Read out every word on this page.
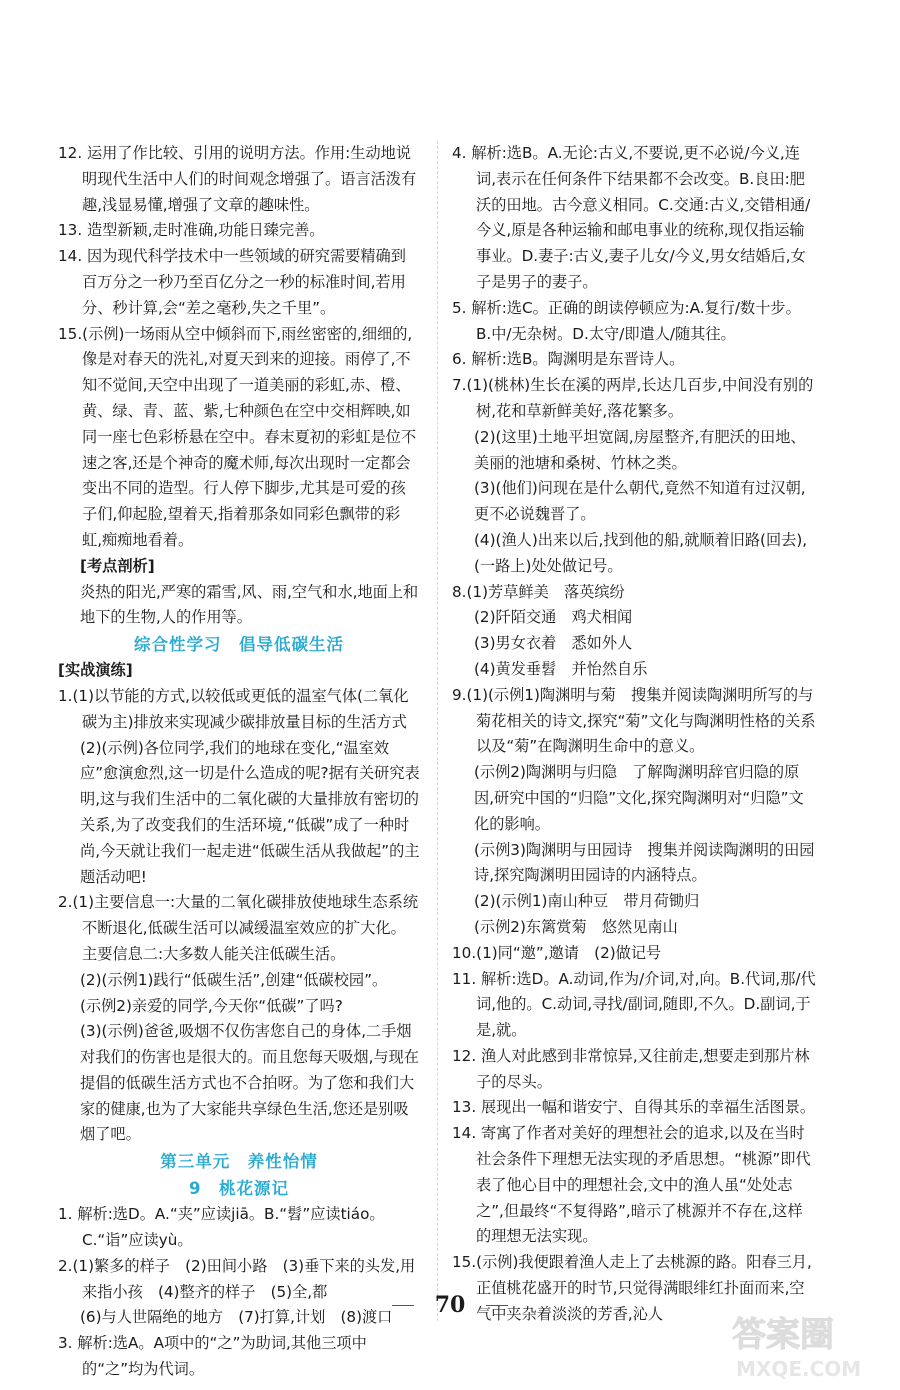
12. 运用了作比较、引用的说明方法。作用:生动地说明现代生活中人们的时间观念增强了。语言活泼有趣,浅显易懂,增强了文章的趣味性。

13. 造型新颖,走时准确,功能日臻完善。

14. 因为现代科学技术中一些领域的研究需要精确到百万分之一秒乃至百亿分之一秒的标准时间,若用分、秒计算,会“差之毫秒,失之千里”。

15.(示例)一场雨从空中倾斜而下,雨丝密密的,细细的,像是对春天的洗礼,对夏天到来的迎接。雨停了,不知不觉间,天空中出现了一道美丽的彩虹,赤、橙、黄、绿、青、蓝、紫,七种颜色在空中交相辉映,如同一座七色彩桥悬在空中。春末夏初的彩虹是位不速之客,还是个神奇的魔术师,每次出现时一定都会变出不同的造型。行人停下脚步,尤其是可爱的孩子们,仰起脸,望着天,指着那条如同彩色飘带的彩虹,痴痴地看着。

[考点剖析]

炎热的阳光,严寒的霜雪,风、雨,空气和水,地面上和地下的生物,人的作用等。

综合性学习　倡导低碳生活

[实战演练]

1.(1)以节能的方式,以较低或更低的温室气体(二氧化碳为主)排放来实现减少碳排放量目标的生活方式

(2)(示例)各位同学,我们的地球在变化,“温室效应”愈演愈烈,这一切是什么造成的呢?据有关研究表明,这与我们生活中的二氧化碳的大量排放有密切的关系,为了改变我们的生活环境,“低碳”成了一种时尚,今天就让我们一起走进“低碳生活从我做起”的主题活动吧!

2.(1)主要信息一:大量的二氧化碳排放使地球生态系统不断退化,低碳生活可以减缓温室效应的扩大化。　主要信息二:大多数人能关注低碳生活。

(2)(示例1)践行“低碳生活”,创建“低碳校园”。

(示例2)亲爱的同学,今天你“低碳”了吗?

(3)(示例)爸爸,吸烟不仅伤害您自己的身体,二手烟对我们的伤害也是很大的。而且您每天吸烟,与现在提倡的低碳生活方式也不合拍呀。为了您和我们大家的健康,也为了大家能共享绿色生活,您还是别吸烟了吧。

第三单元　养性怡情

9　桃花源记

1. 解析:选D。A.“夹”应读jiā。B.“髫”应读tiáo。C.“诣”应读yù。

2.(1)繁多的样子　(2)田间小路　(3)垂下来的头发,用来指小孩　(4)整齐的样子　(5)全,都

(6)与人世隔绝的地方　(7)打算,计划　(8)渡口

3. 解析:选A。A项中的“之”为助词,其他三项中的“之”均为代词。

4. 解析:选B。A.无论:古义,不要说,更不必说/今义,连词,表示在任何条件下结果都不会改变。B.良田:肥沃的田地。古今意义相同。C.交通:古义,交错相通/今义,原是各种运输和邮电事业的统称,现仅指运输事业。D.妻子:古义,妻子儿女/今义,男女结婚后,女子是男子的妻子。

5. 解析:选C。正确的朗读停顿应为:A.复行/数十步。B.中/无杂树。D.太守/即遣人/随其往。

6. 解析:选B。陶渊明是东晋诗人。

7.(1)(桃林)生长在溪的两岸,长达几百步,中间没有别的树,花和草新鲜美好,落花繁多。

(2)(这里)土地平坦宽阔,房屋整齐,有肥沃的田地、美丽的池塘和桑树、竹林之类。

(3)(他们)问现在是什么朝代,竟然不知道有过汉朝,更不必说魏晋了。

(4)(渔人)出来以后,找到他的船,就顺着旧路(回去),(一路上)处处做记号。

8.(1)芳草鲜美　落英缤纷

(2)阡陌交通　鸡犬相闻

(3)男女衣着　悉如外人

(4)黄发垂髫　并怡然自乐

9.(1)(示例1)陶渊明与菊　搜集并阅读陶渊明所写的与菊花相关的诗文,探究“菊”文化与陶渊明性格的关系以及“菊”在陶渊明生命中的意义。

(示例2)陶渊明与归隐　了解陶渊明辞官归隐的原因,研究中国的“归隐”文化,探究陶渊明对“归隐”文化的影响。

(示例3)陶渊明与田园诗　搜集并阅读陶渊明的田园诗,探究陶渊明田园诗的内涵特点。

(2)(示例1)南山种豆　带月荷锄归

(示例2)东篱赏菊　悠然见南山

10.(1)同“邀”,邀请　(2)做记号

11. 解析:选D。A.动词,作为/介词,对,向。B.代词,那/代词,他的。C.动词,寻找/副词,随即,不久。D.副词,于是,就。

12. 渔人对此感到非常惊异,又往前走,想要走到那片林子的尽头。

13. 展现出一幅和谐安宁、自得其乐的幸福生活图景。

14. 寄寓了作者对美好的理想社会的追求,以及在当时社会条件下理想无法实现的矛盾思想。“桃源”即代表了他心目中的理想社会,文中的渔人虽“处处志之”,但最终“不复得路”,暗示了桃源并不存在,这样的理想无法实现。

15.(示例)我便跟着渔人走上了去桃源的路。阳春三月,正值桃花盛开的时节,只觉得满眼绯红扑面而来,空气中夹杂着淡淡的芳香,沁人

70
答案圈
MXQE.COM
